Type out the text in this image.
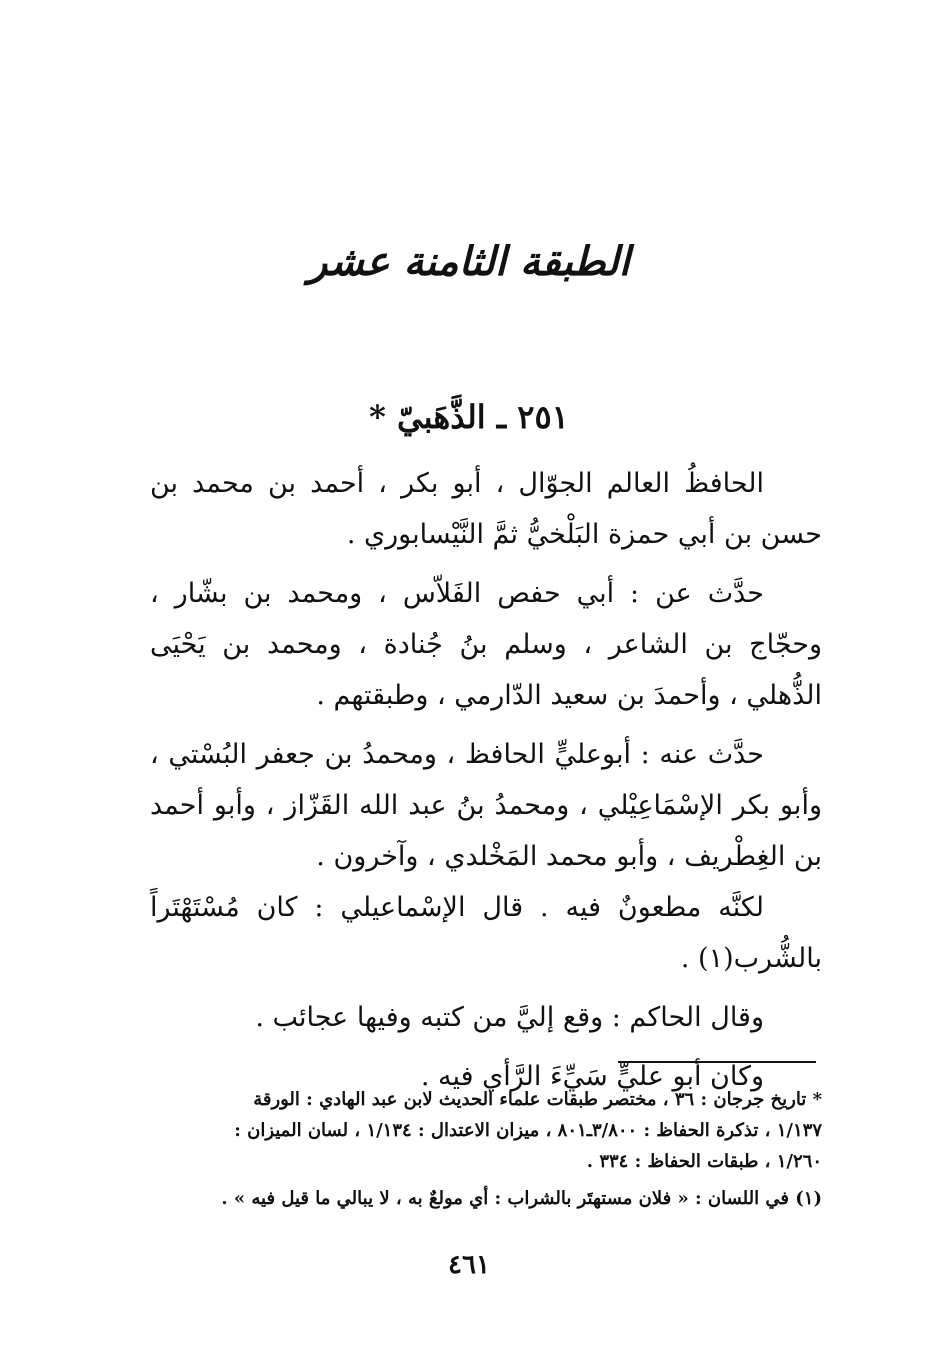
الطبقة الثامنة عشر
٢٥١ ـ الذَّهَبيّ *

الحافظُ العالم الجوّال ، أبو بكر ، أحمد بن محمد بن حسن بن أبي حمزة البَلْخيُّ ثمَّ النَّيْسابوري .

حدَّث عن : أبي حفص الفَلاّس ، ومحمد بن بشّار ، وحجّاج بن الشاعر ، وسلم بنُ جُنادة ، ومحمد بن يَحْيَى الذُّهلي ، وأحمدَ بن سعيد الدّارمي ، وطبقتهم .

حدَّث عنه : أبوعليٍّ الحافظ ، ومحمدُ بن جعفر البُسْتي ، وأبو بكر الإسْمَاعِيْلي ، ومحمدُ بنُ عبد الله القَزّاز ، وأبو أحمد بن الغِطْريف ، وأبو محمد المَخْلدي ، وآخرون .

لكنَّه مطعونٌ فيه . قال الإسْماعيلي : كان مُسْتَهْتَراً بالشُّرب(١) .

وقال الحاكم : وقع إليَّ من كتبه وفيها عجائب .

وكان أبو عليٍّ سَيِّءَ الرَّأي فيه .

* تاريخ جرجان : ٣٦ ، مختصر طبقات علماء الحديث لابن عبد الهادي : الورقة

١/١٣٧ ، تذكرة الحفاظ : ٣/٨٠٠ـ٨٠١ ، ميزان الاعتدال : ١/١٣٤ ، لسان الميزان :

١/٢٦٠ ، طبقات الحفاظ : ٣٣٤ .

(١) في اللسان : « فلان مستهتَر بالشراب : أي مولعٌ به ، لا يبالي ما قيل فيه » .

٤٦١
